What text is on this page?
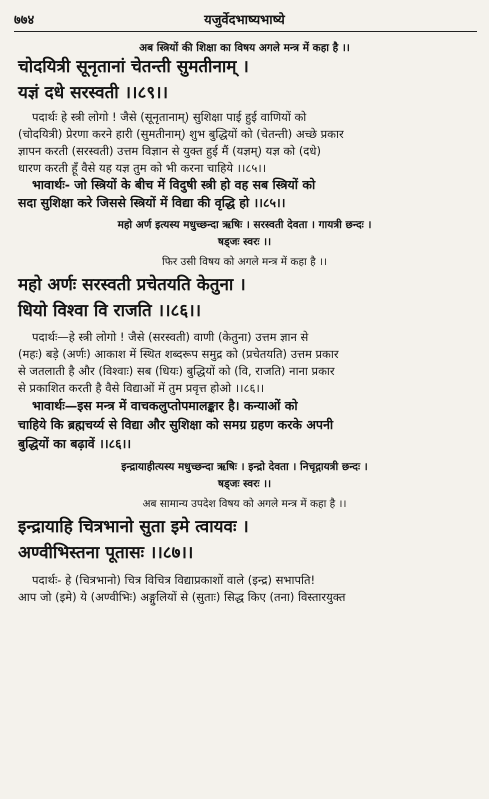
७७४	यजुर्वेदभाष्यभाष्ये
अब स्त्रियों की शिक्षा का विषय अगले मन्त्र में कहा है ।।
चोदयित्री सूनृतानां चेतन्ती सुमतीनाम् ।
यज्ञं दधे सरस्वती ।।८९।।
पदार्थः हे स्त्री लोगो ! जैसे (सूनृतानाम्) सुशिक्षा पाई हुई वाणियों को
(चोदयित्री) प्रेरणा करने हारी (सुमतीनाम्) शुभ बुद्धियों को (चेतन्ती) अच्छे प्रकार
ज्ञापन करती (सरस्वती) उत्तम विज्ञान से युक्त हुई मैं (यज्ञम्) यज्ञ को (दधे)
धारण करती हूँ वैसे यह यज्ञ तुम को भी करना चाहिये ।।८५।।
भावार्थः- जो स्त्रियों के बीच में विदुषी स्त्री हो वह सब स्त्रियों को
सदा सुशिक्षा करे जिससे स्त्रियों में विद्या की वृद्धि हो ।।८५।।
महो अर्ण इत्यस्य मधुच्छन्दा ऋषिः । सरस्वती देवता । गायत्री छन्दः ।
षड्जः स्वरः ।।
फिर उसी विषय को अगले मन्त्र में कहा है ।।
महो अर्णः सरस्वती प्रचेतयति केतुना ।
धियो विश्वा वि राजति ।।८६।।
पदार्थः—हे स्त्री लोगो ! जैसे (सरस्वती) वाणी (केतुना) उत्तम ज्ञान से
(महः) बड़े (अर्णः) आकाश में स्थित शब्दरूप समुद्र को (प्रचेतयति) उत्तम प्रकार
से जतलाती है और (विश्वाः) सब (धियः) बुद्धियों को (वि, राजति) नाना प्रकार
से प्रकाशित करती है वैसे विद्याओं में तुम प्रवृत्त होओ ।।८६।।
भावार्थः—इस मन्त्र में वाचकलुप्तोपमालङ्कार है। कन्याओं को
चाहिये कि ब्रह्मचर्य्य से विद्या और सुशिक्षा को समग्र ग्रहण करके अपनी
बुद्धियों का बढ़ावें ।।८६।।
इन्द्रायाहीत्यस्य मधुच्छन्दा ऋषिः । इन्द्रो देवता । निचृद्गायत्री छन्दः ।
षड्जः स्वरः ।।
अब सामान्य उपदेश विषय को अगले मन्त्र में कहा है ।।
इन्द्रायाहि चित्रभानो सुता इमे त्वायवः ।
अण्वीभिस्तना पूतासः ।।८७।।
पदार्थः- हे (चित्रभानो) चित्र विचित्र विद्याप्रकाशों वाले (इन्द्र) सभापति!
आप जो (इमे) ये (अण्वीभिः) अङ्गुलियों से (सुताः) सिद्ध किए (तना) विस्तारयुक्त
